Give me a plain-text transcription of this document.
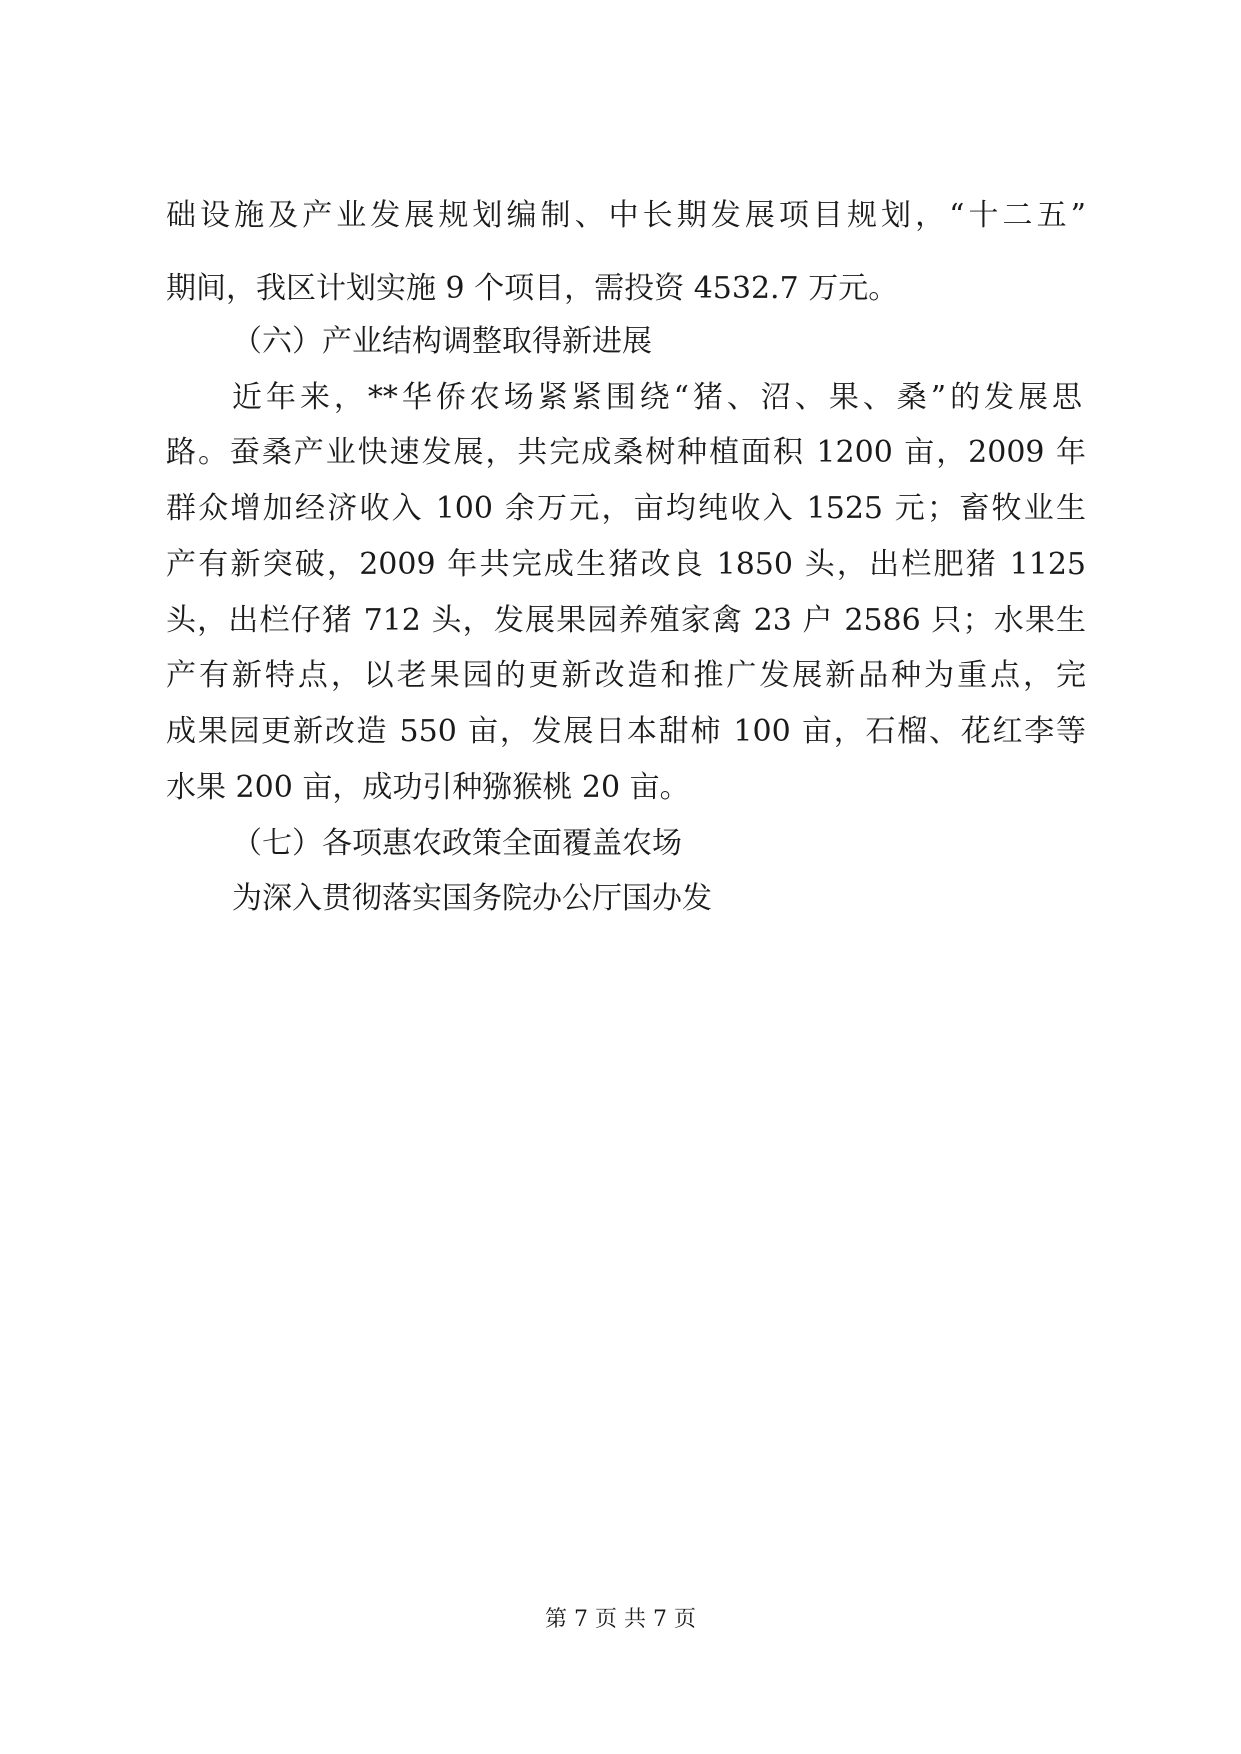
础设施及产业发展规划编制、中长期发展项目规划，“十二五”
期间，我区计划实施 9 个项目，需投资 4532.7 万元。
（六）产业结构调整取得新进展
近年来，**华侨农场紧紧围绕“猪、沼、果、桑”的发展思
路。蚕桑产业快速发展，共完成桑树种植面积 1200 亩，2009 年
群众增加经济收入 100 余万元，亩均纯收入 1525 元；畜牧业生
产有新突破，2009 年共完成生猪改良 1850 头，出栏肥猪 1125
头，出栏仔猪 712 头，发展果园养殖家禽 23 户 2586 只；水果生
产有新特点，以老果园的更新改造和推广发展新品种为重点，完
成果园更新改造 550 亩，发展日本甜柿 100 亩，石榴、花红李等
水果 200 亩，成功引种猕猴桃 20 亩。
（七）各项惠农政策全面覆盖农场
为深入贯彻落实国务院办公厅国办发
第 7 页 共 7 页
